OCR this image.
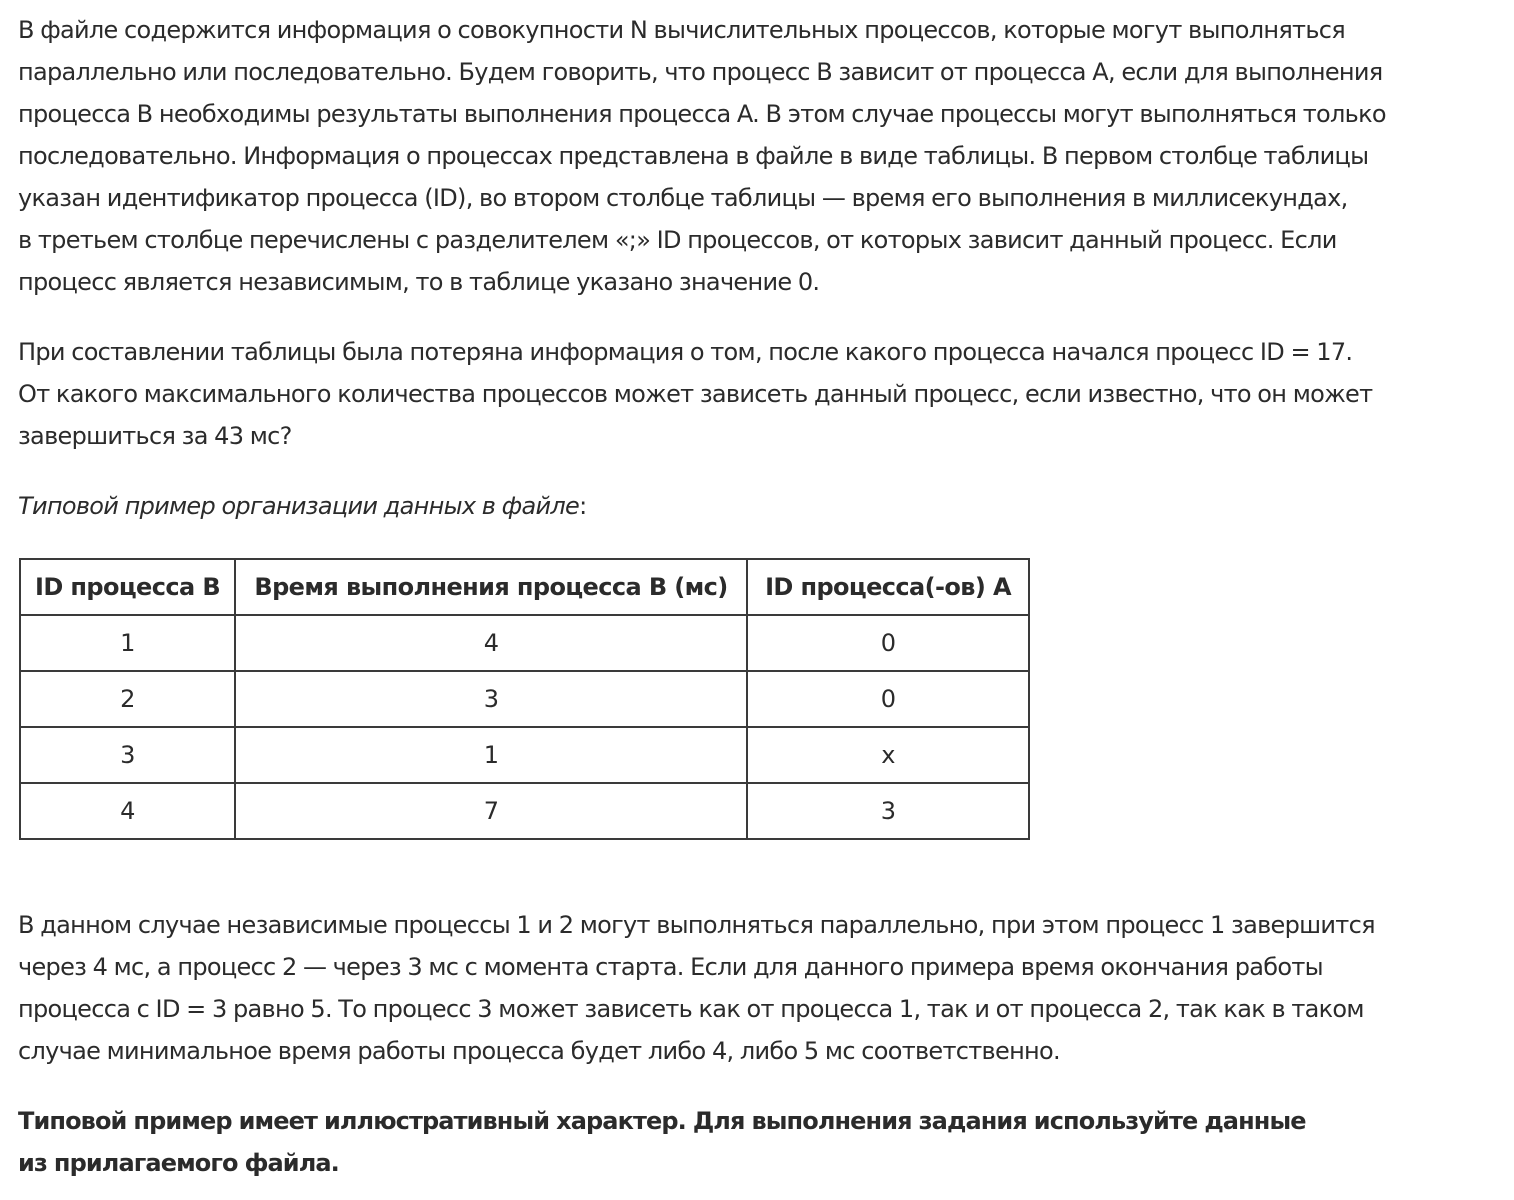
В файле содержится информация о совокупности N вычислительных процессов, которые могут выполняться
параллельно или последовательно. Будем говорить, что процесс B зависит от процесса A, если для выполнения
процесса B необходимы результаты выполнения процесса A. В этом случае процессы могут выполняться только
последовательно. Информация о процессах представлена в файле в виде таблицы. В первом столбце таблицы
указан идентификатор процесса (ID), во втором столбце таблицы — время его выполнения в миллисекундах,
в третьем столбце перечислены с разделителем «;» ID процессов, от которых зависит данный процесс. Если
процесс является независимым, то в таблице указано значение 0.

При составлении таблицы была потеряна информация о том, после какого процесса начался процесс ID = 17.
От какого максимального количества процессов может зависеть данный процесс, если известно, что он может
завершиться за 43 мс?

Типовой пример организации данных в файле:

ID процесса B	Время выполнения процесса B (мс)	ID процесса(-ов) A
1	4	0
2	3	0
3	1	x
4	7	3

В данном случае независимые процессы 1 и 2 могут выполняться параллельно, при этом процесс 1 завершится
через 4 мс, а процесс 2 — через 3 мс с момента старта. Если для данного примера время окончания работы
процесса с ID = 3 равно 5. То процесс 3 может зависеть как от процесса 1, так и от процесса 2, так как в таком
случае минимальное время работы процесса будет либо 4, либо 5 мс соответственно.

Типовой пример имеет иллюстративный характер. Для выполнения задания используйте данные
из прилагаемого файла.
